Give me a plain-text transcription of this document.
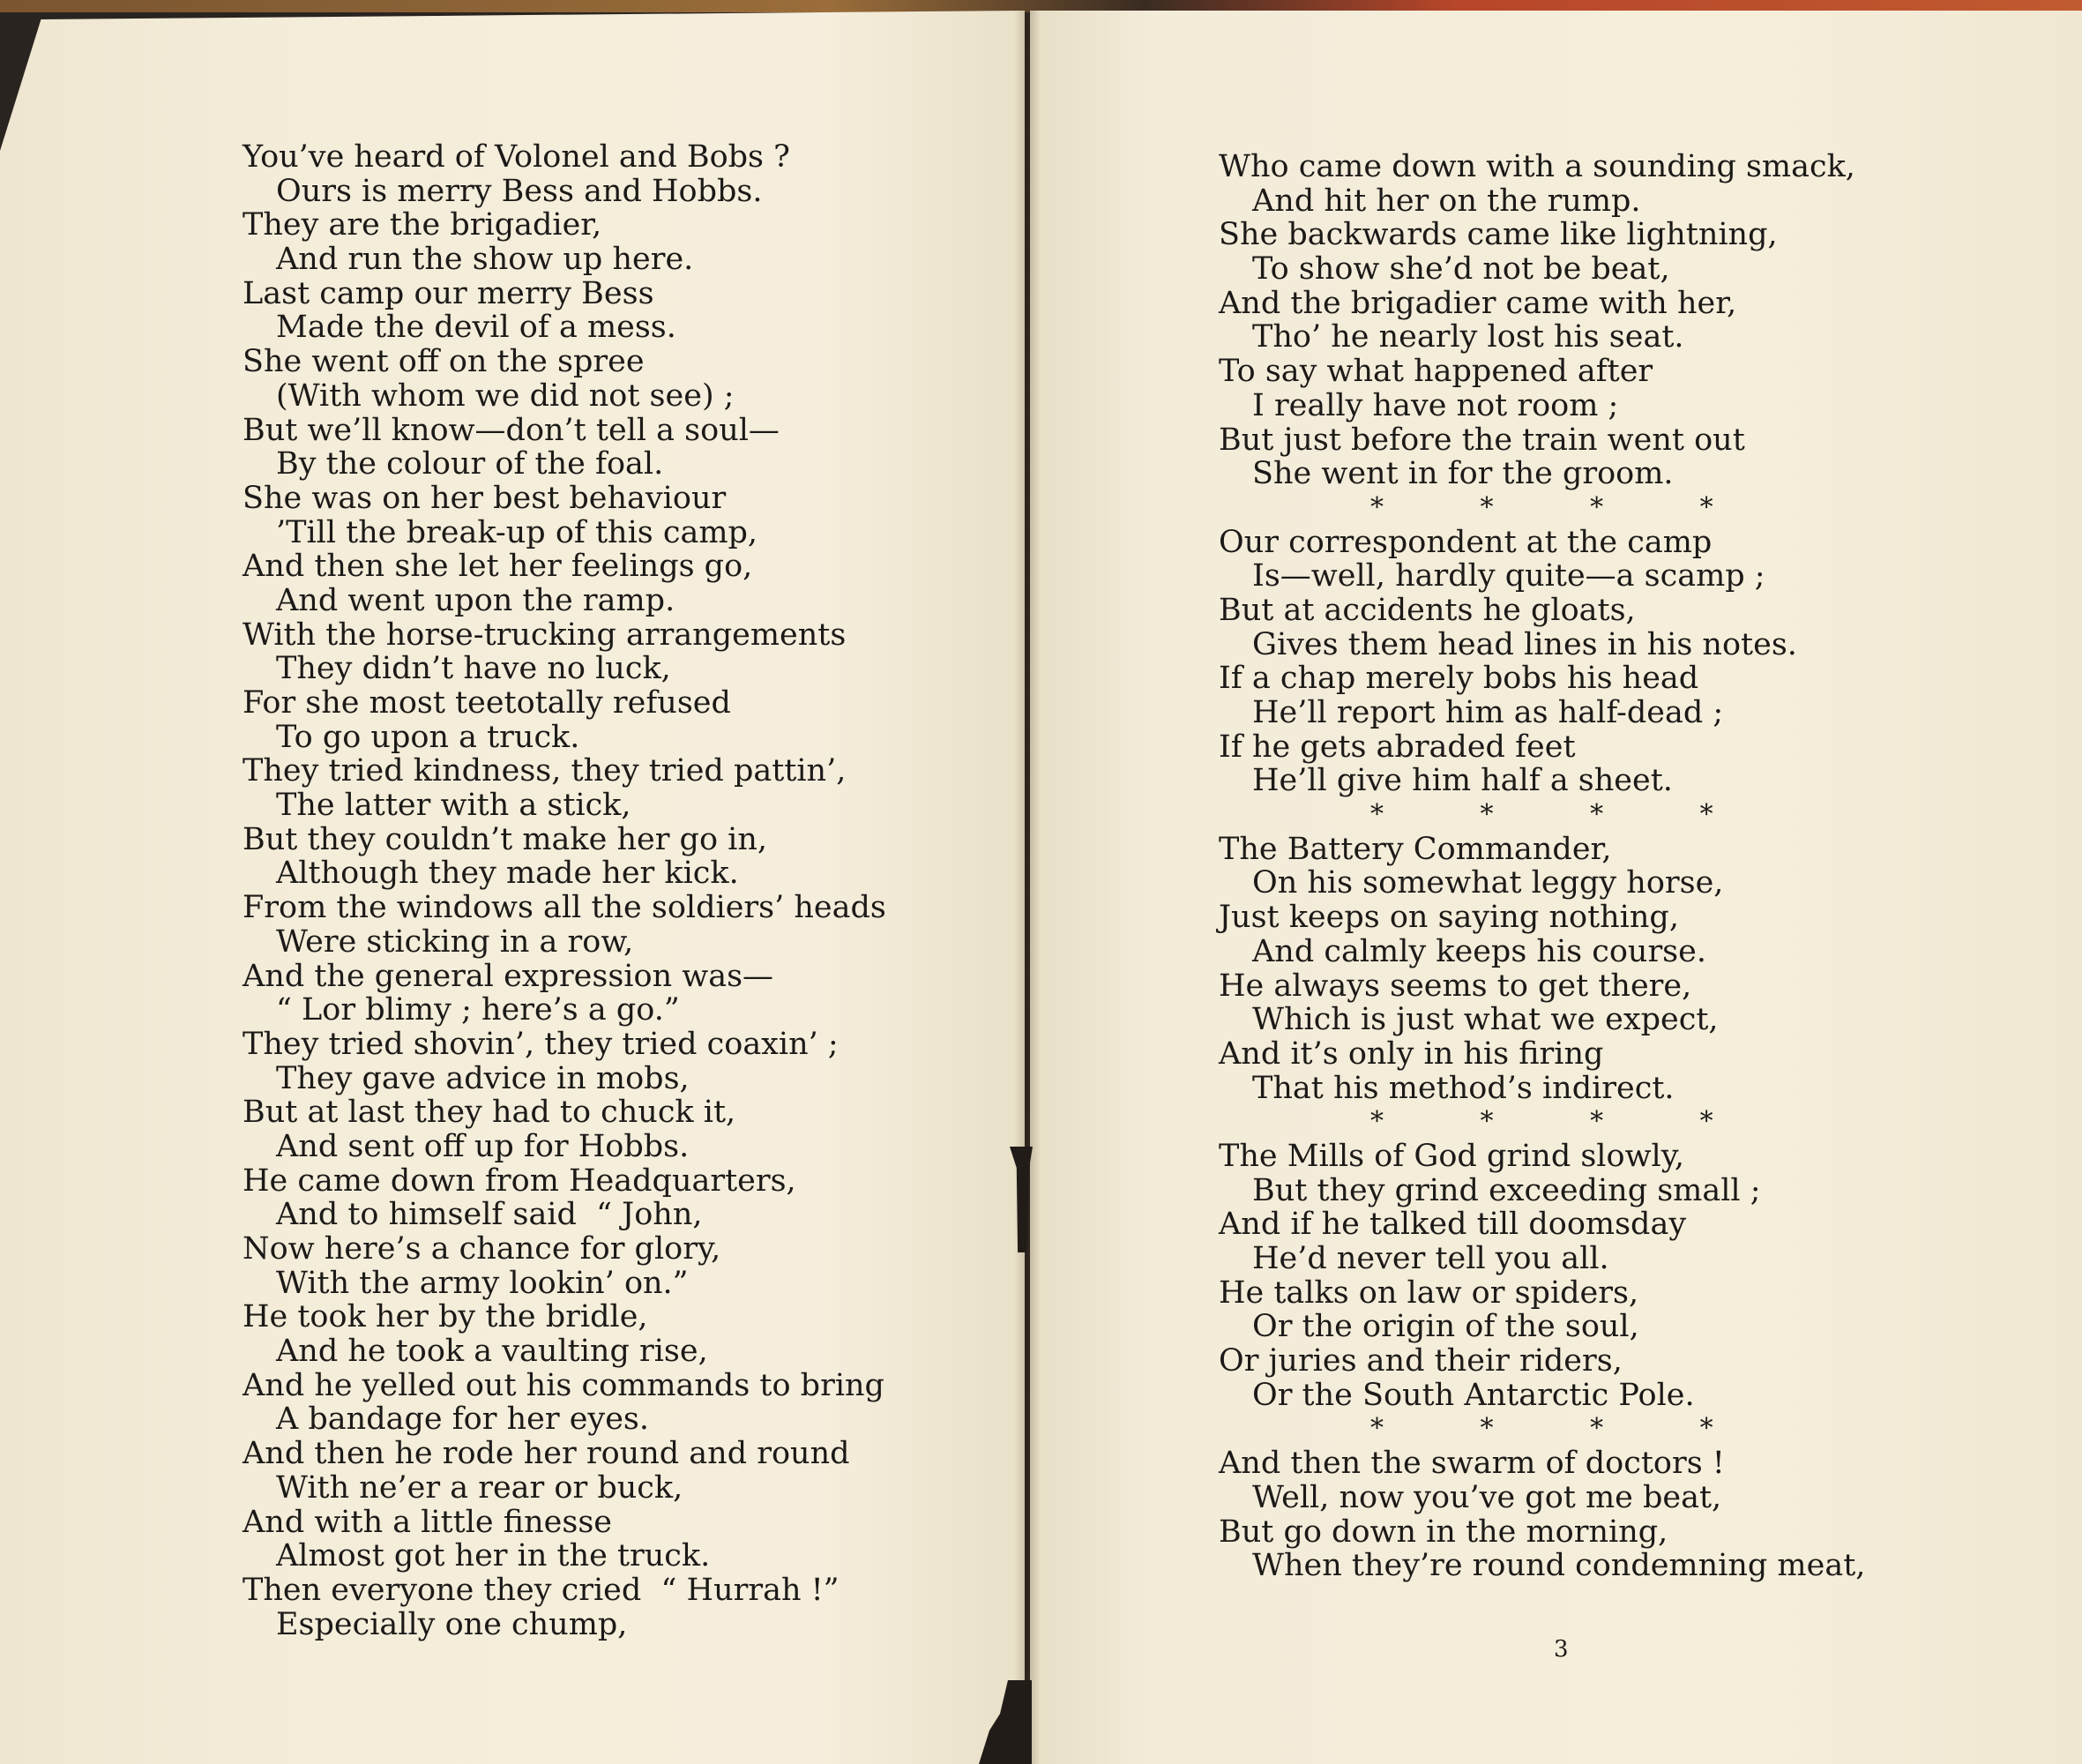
You’ve heard of Volonel and Bobs ?
Ours is merry Bess and Hobbs.
They are the brigadier,
And run the show up here.
Last camp our merry Bess
Made the devil of a mess.
She went off on the spree
(With whom we did not see) ;
But we’ll know—don’t tell a soul—
By the colour of the foal.
She was on her best behaviour
’Till the break-up of this camp,
And then she let her feelings go,
And went upon the ramp.
With the horse-trucking arrangements
They didn’t have no luck,
For she most teetotally refused
To go upon a truck.
They tried kindness, they tried pattin’,
The latter with a stick,
But they couldn’t make her go in,
Although they made her kick.
From the windows all the soldiers’ heads
Were sticking in a row,
And the general expression was—
“ Lor blimy ; here’s a go.”
They tried shovin’, they tried coaxin’ ;
They gave advice in mobs,
But at last they had to chuck it,
And sent off up for Hobbs.
He came down from Headquarters,
And to himself said  “ John,
Now here’s a chance for glory,
With the army lookin’ on.”
He took her by the bridle,
And he took a vaulting rise,
And he yelled out his commands to bring
A bandage for her eyes.
And then he rode her round and round
With ne’er a rear or buck,
And with a little finesse
Almost got her in the truck.
Then everyone they cried  “ Hurrah !”
Especially one chump,
Who came down with a sounding smack,
And hit her on the rump.
She backwards came like lightning,
To show she’d not be beat,
And the brigadier came with her,
Tho’ he nearly lost his seat.
To say what happened after
I really have not room ;
But just before the train went out
She went in for the groom.
* * * *
Our correspondent at the camp
Is—well, hardly quite—a scamp ;
But at accidents he gloats,
Gives them head lines in his notes.
If a chap merely bobs his head
He’ll report him as half-dead ;
If he gets abraded feet
He’ll give him half a sheet.
* * * *
The Battery Commander,
On his somewhat leggy horse,
Just keeps on saying nothing,
And calmly keeps his course.
He always seems to get there,
Which is just what we expect,
And it’s only in his firing
That his method’s indirect.
* * * *
The Mills of God grind slowly,
But they grind exceeding small ;
And if he talked till doomsday
He’d never tell you all.
He talks on law or spiders,
Or the origin of the soul,
Or juries and their riders,
Or the South Antarctic Pole.
* * * *
And then the swarm of doctors !
Well, now you’ve got me beat,
But go down in the morning,
When they’re round condemning meat,
3
